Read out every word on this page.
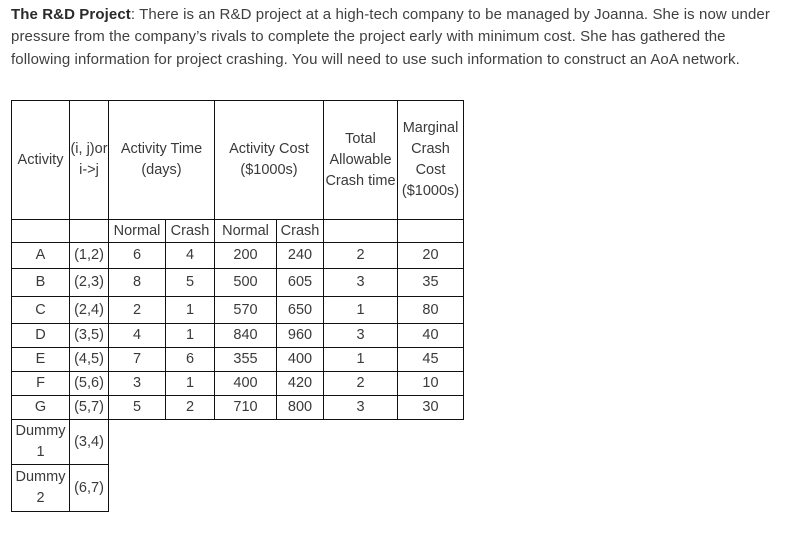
The R&D Project: There is an R&D project at a high-tech company to be managed by Joanna. She is now under pressure from the company’s rivals to complete the project early with minimum cost. She has gathered the following information for project crashing. You will need to use such information to construct an AoA network.
Activity	(i, j)or i->j	Activity Time (days)		Activity Cost ($1000s)		Total Allowable Crash time	Marginal Crash Cost ($1000s)
		Normal	Crash	Normal	Crash		
A	(1,2)	6	4	200	240	2	20
B	(2,3)	8	5	500	605	3	35
C	(2,4)	2	1	570	650	1	80
D	(3,5)	4	1	840	960	3	40
E	(4,5)	7	6	355	400	1	45
F	(5,6)	3	1	400	420	2	10
G	(5,7)	5	2	710	800	3	30
Dummy 1	(3,4)						
Dummy 2	(6,7)						
